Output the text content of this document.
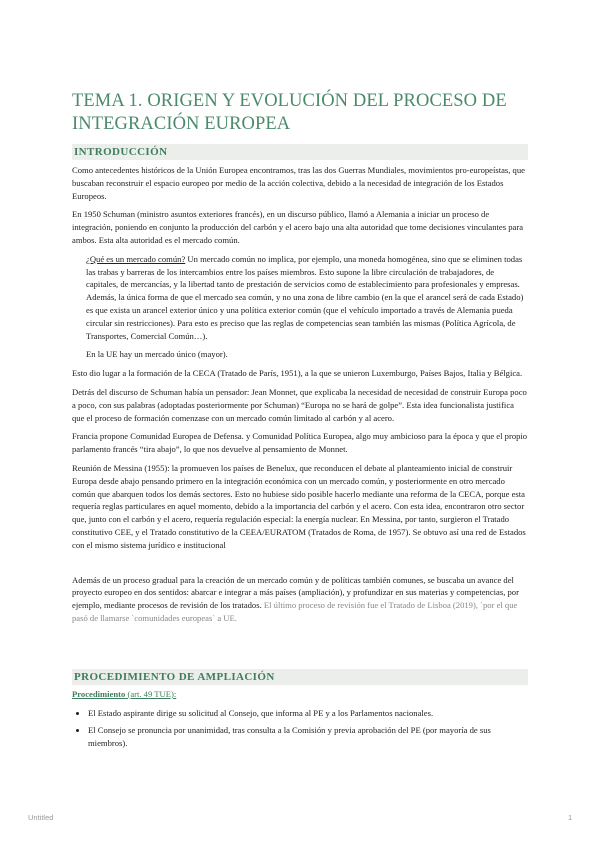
TEMA 1. ORIGEN Y EVOLUCIÓN DEL PROCESO DE INTEGRACIÓN EUROPEA
INTRODUCCIÓN

Como antecedentes históricos de la Unión Europea encontramos, tras las dos Guerras Mundiales, movimientos pro-europeístas, que buscaban reconstruir el espacio europeo por medio de la acción colectiva, debido a la necesidad de integración de los Estados Europeos.

En 1950 Schuman (ministro asuntos exteriores francés), en un discurso público, llamó a Alemania a iniciar un proceso de integración, poniendo en conjunto la producción del carbón y el acero bajo una alta autoridad que tome decisiones vinculantes para ambos. Esta alta autoridad es el mercado común.

¿Qué es un mercado común? Un mercado común no implica, por ejemplo, una moneda homogénea, sino que se eliminen todas las trabas y barreras de los intercambios entre los países miembros. Esto supone la libre circulación de trabajadores, de capitales, de mercancías, y la libertad tanto de prestación de servicios como de establecimiento para profesionales y empresas. Además, la única forma de que el mercado sea común, y no una zona de libre cambio (en la que el arancel será de cada Estado) es que exista un arancel exterior único y una política exterior común (que el vehículo importado a través de Alemania pueda circular sin restricciones). Para esto es preciso que las reglas de competencias sean también las mismas (Política Agrícola, de Transportes, Comercial Común…).

En la UE hay un mercado único (mayor).

Esto dio lugar a la formación de la CECA (Tratado de París, 1951), a la que se unieron Luxemburgo, Países Bajos, Italia y Bélgica.

Detrás del discurso de Schuman había un pensador: Jean Monnet, que explicaba la necesidad de necesidad de construir Europa poco a poco, con sus palabras (adoptadas posteriormente por Schuman) “Europa no se hará de golpe”. Esta idea funcionalista justifica que el proceso de formación comenzase con un mercado común limitado al carbón y al acero.

Francia propone Comunidad Europea de Defensa. y Comunidad Política Europea, algo muy ambicioso para la época y que el propio parlamento francés “tira abajo”, lo que nos devuelve al pensamiento de Monnet.

Reunión de Messina (1955): la promueven los países de Benelux, que reconducen el debate al planteamiento inicial de construir Europa desde abajo pensando primero en la integración económica con un mercado común, y posteriormente en otro mercado común que abarquen todos los demás sectores. Esto no hubiese sido posible hacerlo mediante una reforma de la CECA, porque esta requería reglas particulares en aquel momento, debido a la importancia del carbón y el acero. Con esta idea, encontraron otro sector que, junto con el carbón y el acero, requería regulación especial: la energía nuclear. En Messina, por tanto, surgieron el Tratado constitutivo CEE, y el Tratado constitutivo de la CEEA/EURATOM (Tratados de Roma, de 1957). Se obtuvo así una red de Estados con el mismo sistema jurídico e institucional

Además de un proceso gradual para la creación de un mercado común y de políticas también comunes, se buscaba un avance del proyecto europeo en dos sentidos: abarcar e integrar a más países (ampliación), y profundizar en sus materias y competencias, por ejemplo, mediante procesos de revisión de los tratados. El último proceso de revisión fue el Tratado de Lisboa (2019), `por el que pasó de llamarse `comunidades europeas` a UE.

PROCEDIMIENTO DE AMPLIACIÓN
Procedimiento (art. 49 TUE):
• El Estado aspirante dirige su solicitud al Consejo, que informa al PE y a los Parlamentos nacionales.
• El Consejo se pronuncia por unanimidad, tras consulta a la Comisión y previa aprobación del PE (por mayoría de sus miembros).
Untitled	1
